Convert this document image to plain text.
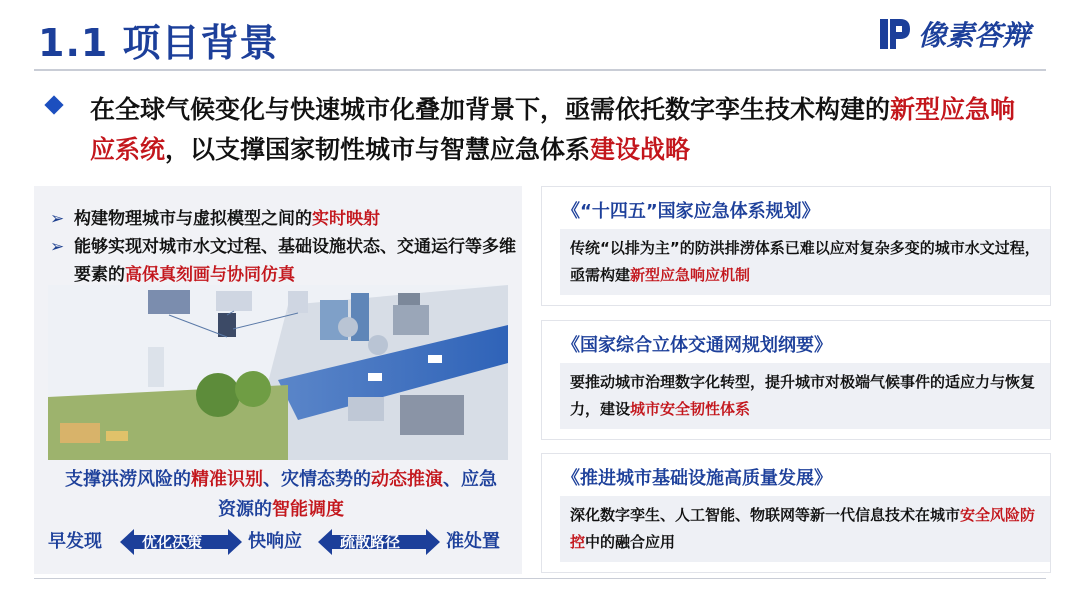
1.1 项目背景	像素答辩
在全球气候变化与快速城市化叠加背景下，亟需依托数字孪生技术构建的新型应急响应系统，以支撑国家韧性城市与智慧应急体系建设战略
➢ 构建物理城市与虚拟模型之间的实时映射
➢ 能够实现对城市水文过程、基础设施状态、交通运行等多维要素的高保真刻画与协同仿真
支撑洪涝风险的精准识别、灾情态势的动态推演、应急资源的智能调度
早发现	优化决策	快响应	疏散路径	准处置
《“十四五”国家应急体系规划》
传统“以排为主”的防洪排涝体系已难以应对复杂多变的城市水文过程，亟需构建新型应急响应机制
《国家综合立体交通网规划纲要》
要推动城市治理数字化转型，提升城市对极端气候事件的适应力与恢复力，建设城市安全韧性体系
《推进城市基础设施高质量发展》
深化数字孪生、人工智能、物联网等新一代信息技术在城市安全风险防控中的融合应用
